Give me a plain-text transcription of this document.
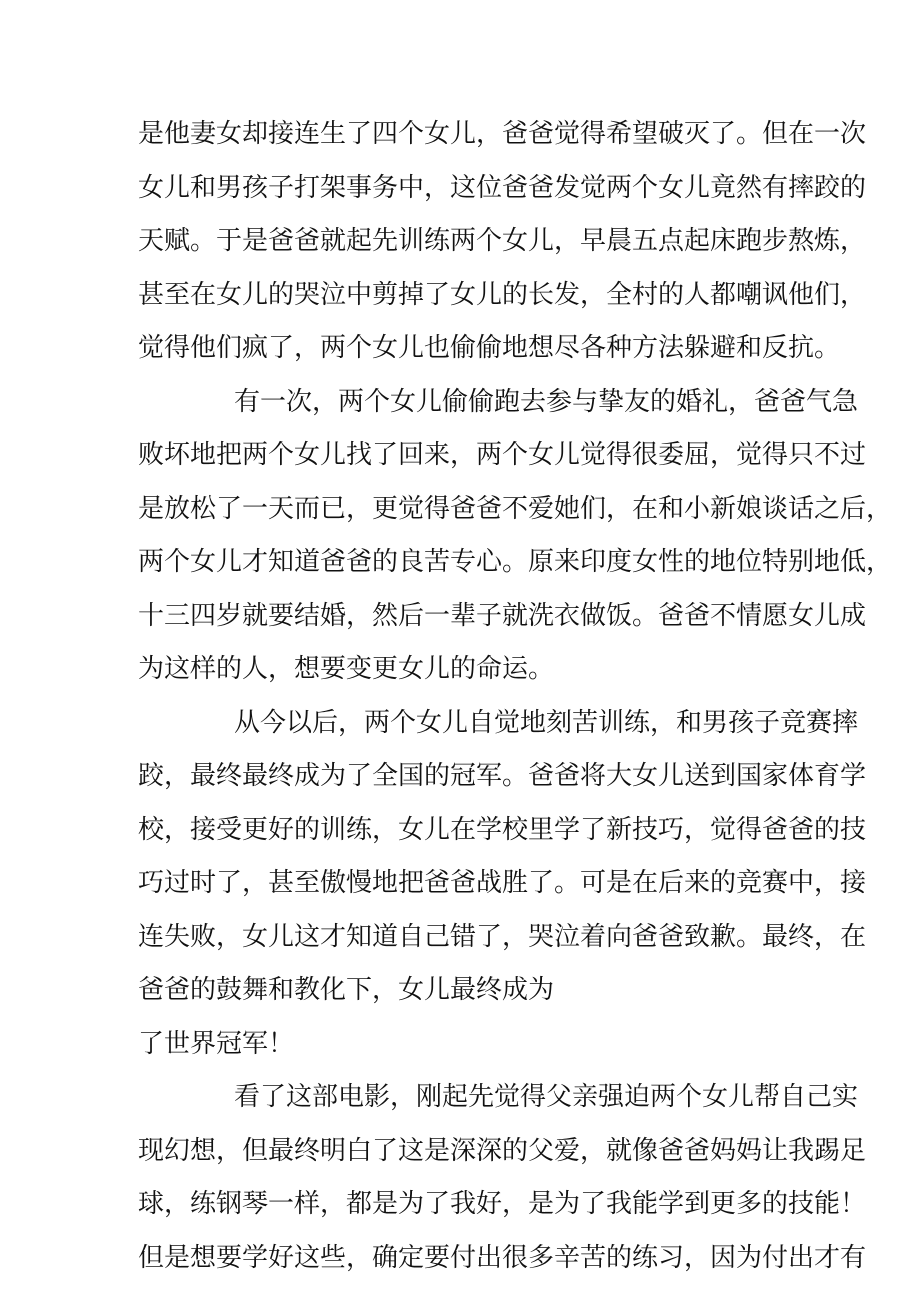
是他妻女却接连生了四个女儿，爸爸觉得希望破灭了。但在一次
女儿和男孩子打架事务中，这位爸爸发觉两个女儿竟然有摔跤的
天赋。于是爸爸就起先训练两个女儿，早晨五点起床跑步熬炼，
甚至在女儿的哭泣中剪掉了女儿的长发，全村的人都嘲讽他们，
觉得他们疯了，两个女儿也偷偷地想尽各种方法躲避和反抗。
有一次，两个女儿偷偷跑去参与挚友的婚礼，爸爸气急
败坏地把两个女儿找了回来，两个女儿觉得很委屈，觉得只不过
是放松了一天而已，更觉得爸爸不爱她们，在和小新娘谈话之后，
两个女儿才知道爸爸的良苦专心。原来印度女性的地位特别地低，
十三四岁就要结婚，然后一辈子就洗衣做饭。爸爸不情愿女儿成
为这样的人，想要变更女儿的命运。
从今以后，两个女儿自觉地刻苦训练，和男孩子竞赛摔
跤，最终最终成为了全国的冠军。爸爸将大女儿送到国家体育学
校，接受更好的训练，女儿在学校里学了新技巧，觉得爸爸的技
巧过时了，甚至傲慢地把爸爸战胜了。可是在后来的竞赛中，接
连失败，女儿这才知道自己错了，哭泣着向爸爸致歉。最终，在
爸爸的鼓舞和教化下，女儿最终成为
了世界冠军！
看了这部电影，刚起先觉得父亲强迫两个女儿帮自己实
现幻想，但最终明白了这是深深的父爱，就像爸爸妈妈让我踢足
球，练钢琴一样，都是为了我好，是为了我能学到更多的技能！
但是想要学好这些，确定要付出很多辛苦的练习，因为付出才有
